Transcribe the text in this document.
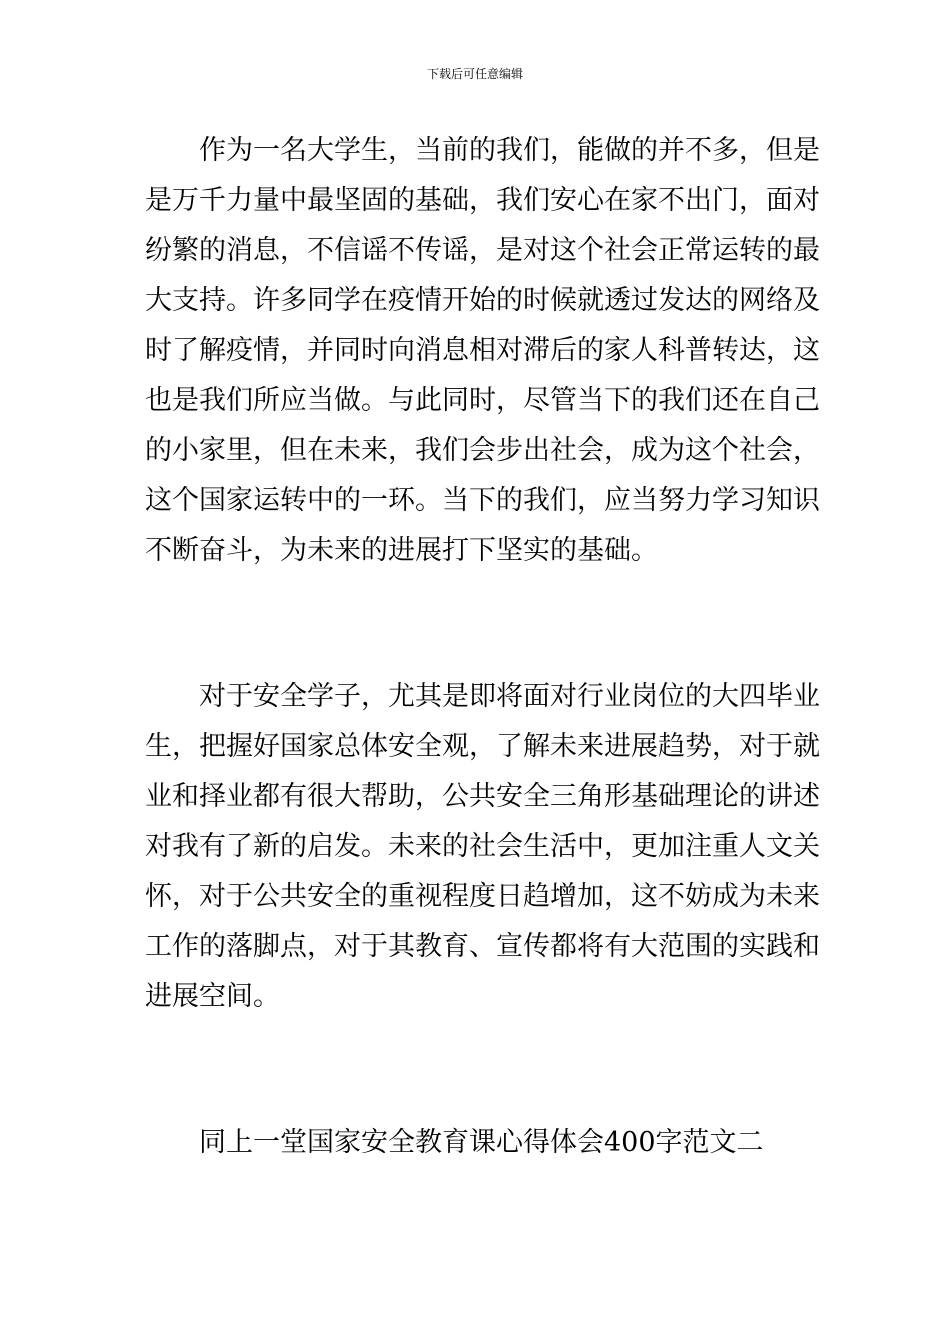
下载后可任意编辑
作为一名大学生，当前的我们，能做的并不多，但是
是万千力量中最坚固的基础，我们安心在家不出门，面对
纷繁的消息，不信谣不传谣，是对这个社会正常运转的最
大支持。许多同学在疫情开始的时候就透过发达的网络及
时了解疫情，并同时向消息相对滞后的家人科普转达，这
也是我们所应当做。与此同时，尽管当下的我们还在自己
的小家里，但在未来，我们会步出社会，成为这个社会，
这个国家运转中的一环。当下的我们，应当努力学习知识
不断奋斗，为未来的进展打下坚实的基础。
对于安全学子，尤其是即将面对行业岗位的大四毕业
生，把握好国家总体安全观，了解未来进展趋势，对于就
业和择业都有很大帮助，公共安全三角形基础理论的讲述
对我有了新的启发。未来的社会生活中，更加注重人文关
怀，对于公共安全的重视程度日趋增加，这不妨成为未来
工作的落脚点，对于其教育、宣传都将有大范围的实践和
进展空间。
同上一堂国家安全教育课心得体会400字范文二
